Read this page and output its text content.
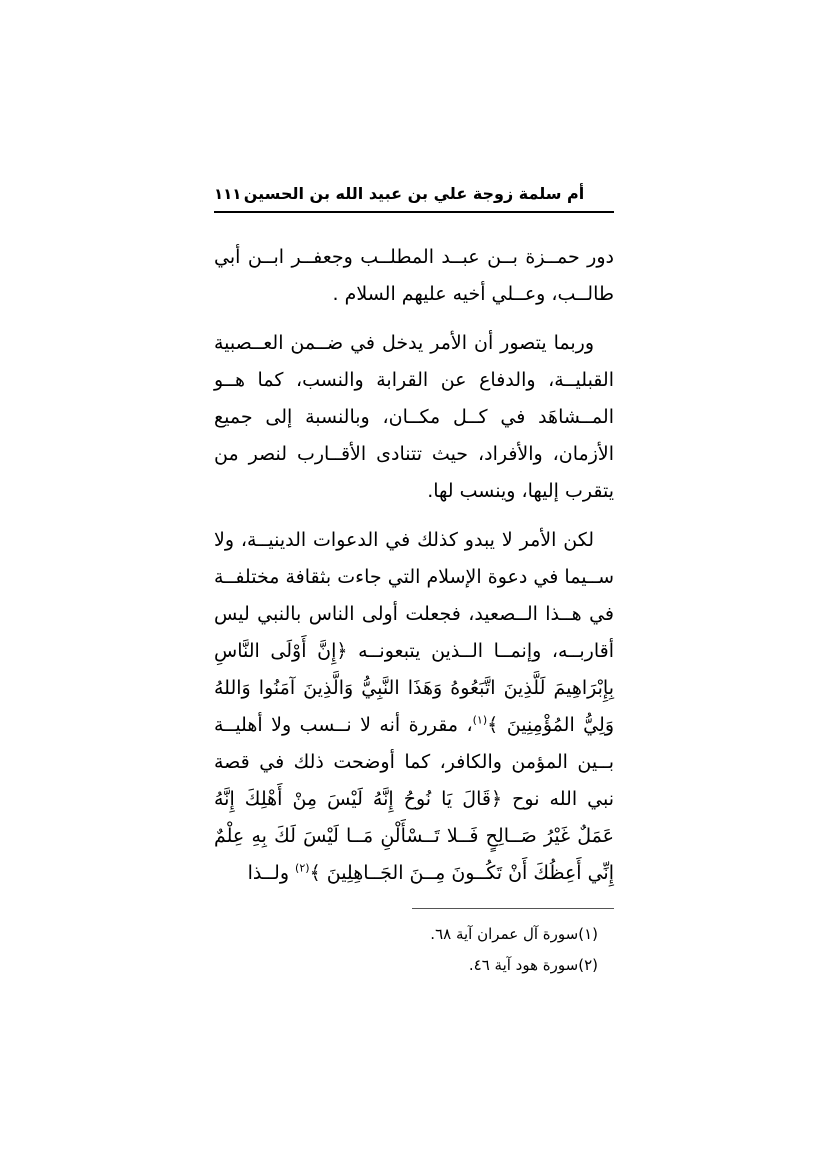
١١١ أم سلمة زوجة علي بن عبيد الله بن الحسين

دور حمــزة بــن عبــد المطلــب وجعفــر ابــن أبي طالــب، وعــلي أخيه عليهم السلام .

وربما يتصور أن الأمر يدخل في ضــمن العــصبية القبليــة، والدفاع عن القرابة والنسب، كما هــو المــشاهَد في كــل مكــان، وبالنسبة إلى جميع الأزمان، والأفراد، حيث تتنادى الأقــارب لنصر من يتقرب إليها، وينسب لها.

لكن الأمر لا يبدو كذلك في الدعوات الدينيــة، ولا ســيما في دعوة الإسلام التي جاءت بثقافة مختلفــة في هــذا الــصعيد، فجعلت أولى الناس بالنبي ليس أقاربــه، وإنمــا الــذين يتبعونــه ﴿إِنَّ أَوْلَى النَّاسِ بِإِبْرَاهِيمَ لَلَّذِينَ اتَّبَعُوهُ وَهَذَا النَّبِيُّ وَالَّذِينَ آمَنُوا وَاللهُ وَلِيُّ المُؤْمِنِينَ ﴾$^{(١)}$، مقررة أنه لا نــسب ولا أهليــة بــين المؤمن والكافر، كما أوضحت ذلك في قصة نبي الله نوح ﴿قَالَ يَا نُوحُ إِنَّهُ لَيْسَ مِنْ أَهْلِكَ إِنَّهُ عَمَلٌ غَيْرُ صَــالِحٍ فَــلا تَــسْأَلْنِ مَــا لَيْسَ لَكَ بِهِ عِلْمٌ إِنِّي أَعِظُكَ أَنْ تَكُــونَ مِــنَ الجَــاهِلِينَ ﴾$^{(٢)}$ ولــذا

(١)سورة آل عمران آية ٦٨.

(٢)سورة هود آية ٤٦.
